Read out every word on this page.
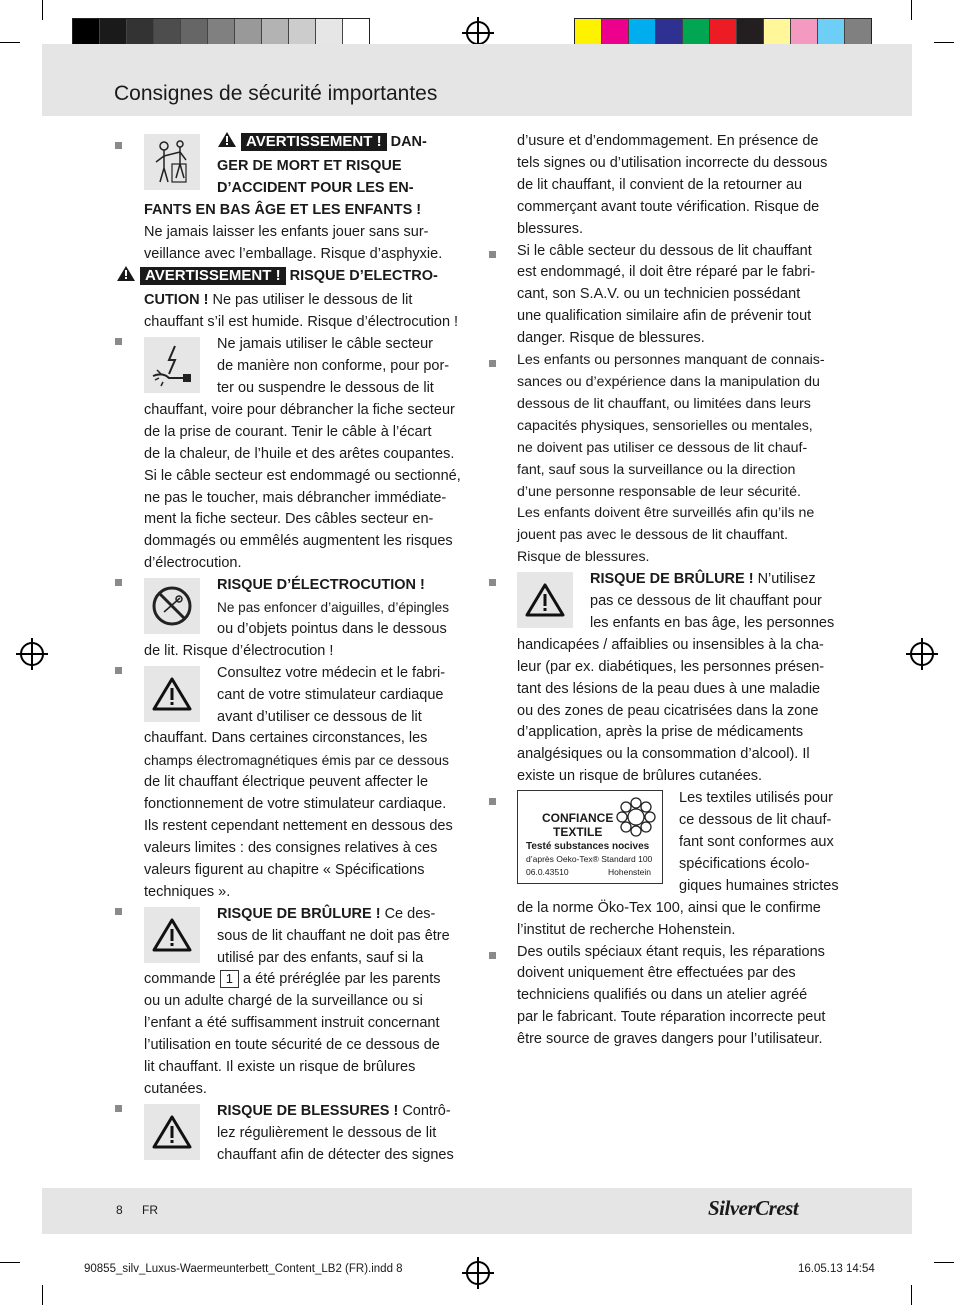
Consignes de sécurité importantes

AVERTISSEMENT ! DAN-

GER DE MORT ET RISQUE

D’ACCIDENT POUR LES EN-

FANTS EN BAS ÂGE ET LES ENFANTS !

Ne jamais laisser les enfants jouer sans sur-

veillance avec l’emballage. Risque d’asphyxie.

AVERTISSEMENT ! RISQUE D’ELECTRO-

CUTION ! Ne pas utiliser le dessous de lit

chauffant s’il est humide. Risque d’électrocution !

Ne jamais utiliser le câble secteur

de manière non conforme, pour por-

ter ou suspendre le dessous de lit

chauffant, voire pour débrancher la fiche secteur

de la prise de courant. Tenir le câble à l’écart

de la chaleur, de l’huile et des arêtes coupantes.

Si le câble secteur est endommagé ou sectionné,

ne pas le toucher, mais débrancher immédiate-

ment la fiche secteur. Des câbles secteur en-

dommagés ou emmêlés augmentent les risques

d’électrocution.

RISQUE D’ÉLECTROCUTION !

Ne pas enfoncer d’aiguilles, d’épingles

ou d’objets pointus dans le dessous

de lit. Risque d’électrocution !

Consultez votre médecin et le fabri-

cant de votre stimulateur cardiaque

avant d’utiliser ce dessous de lit

chauffant. Dans certaines circonstances, les

champs électromagnétiques émis par ce dessous

de lit chauffant électrique peuvent affecter le

fonctionnement de votre stimulateur cardiaque.

Ils restent cependant nettement en dessous des

valeurs limites : des consignes relatives à ces

valeurs figurent au chapitre « Spécifications

techniques ».

RISQUE DE BRÛLURE ! Ce des-

sous de lit chauffant ne doit pas être

utilisé par des enfants, sauf si la

commande 1 a été préréglée par les parents

ou un adulte chargé de la surveillance ou si

l’enfant a été suffisamment instruit concernant

l’utilisation en toute sécurité de ce dessous de

lit chauffant. Il existe un risque de brûlures

cutanées.

RISQUE DE BLESSURES ! Contrô-

lez régulièrement le dessous de lit

chauffant afin de détecter des signes

d’usure et d’endommagement. En présence de

tels signes ou d’utilisation incorrecte du dessous

de lit chauffant, il convient de la retourner au

commerçant avant toute vérification. Risque de

blessures.

Si le câble secteur du dessous de lit chauffant

est endommagé, il doit être réparé par le fabri-

cant, son S.A.V. ou un technicien possédant

une qualification similaire afin de prévenir tout

danger. Risque de blessures.

Les enfants ou personnes manquant de connais-

sances ou d’expérience dans la manipulation du

dessous de lit chauffant, ou limitées dans leurs

capacités physiques, sensorielles ou mentales,

ne doivent pas utiliser ce dessous de lit chauf-

fant, sauf sous la surveillance ou la direction

d’une personne responsable de leur sécurité.

Les enfants doivent être surveillés afin qu’ils ne

jouent pas avec le dessous de lit chauffant.

Risque de blessures.

RISQUE DE BRÛLURE ! N’utilisez

pas ce dessous de lit chauffant pour

les enfants en bas âge, les personnes

handicapées / affaiblies ou insensibles à la cha-

leur (par ex. diabétiques, les personnes présen-

tant des lésions de la peau dues à une maladie

ou des zones de peau cicatrisées dans la zone

d’application, après la prise de médicaments

analgésiques ou la consommation d’alcool). Il

existe un risque de brûlures cutanées.

CONFIANCE
TEXTILE
Testé substances nocives
d’après Oeko-Tex® Standard 100
06.0.43510	Hohenstein

Les textiles utilisés pour

ce dessous de lit chauf-

fant sont conformes aux

spécifications écolo-

giques humaines strictes

de la norme Öko-Tex 100, ainsi que le confirme

l’institut de recherche Hohenstein.

Des outils spéciaux étant requis, les réparations

doivent uniquement être effectuées par des

techniciens qualifiés ou dans un atelier agréé

par le fabricant. Toute réparation incorrecte peut

être source de graves dangers pour l’utilisateur.

8 FR	SilverCrest
90855_silv_Luxus-Waermeunterbett_Content_LB2 (FR).indd 8	16.05.13 14:54
